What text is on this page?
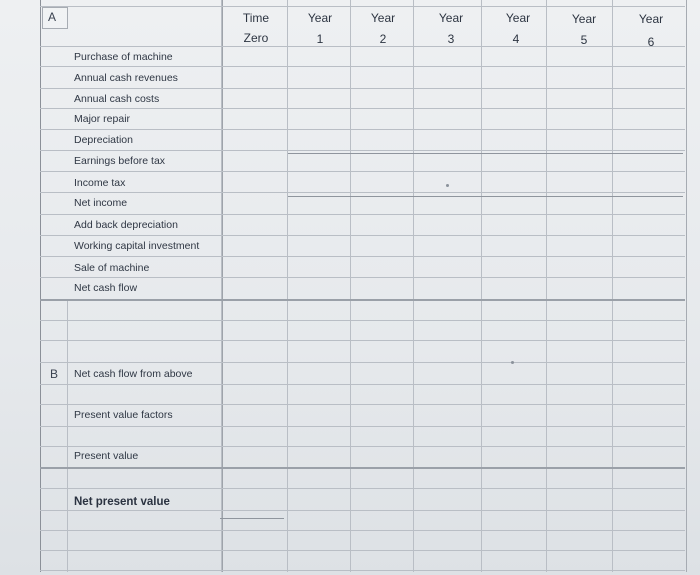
A
B
Time
Zero
Year
1
Year
2
Year
3
Year
4
Year
5
Year
6
Purchase of machine
Annual cash revenues
Annual cash costs
Major repair
Depreciation
Earnings before tax
Income tax
Net income
Add back depreciation
Working capital investment
Sale of machine
Net cash flow
Net cash flow from above
Present value factors
Present value
Net present value
